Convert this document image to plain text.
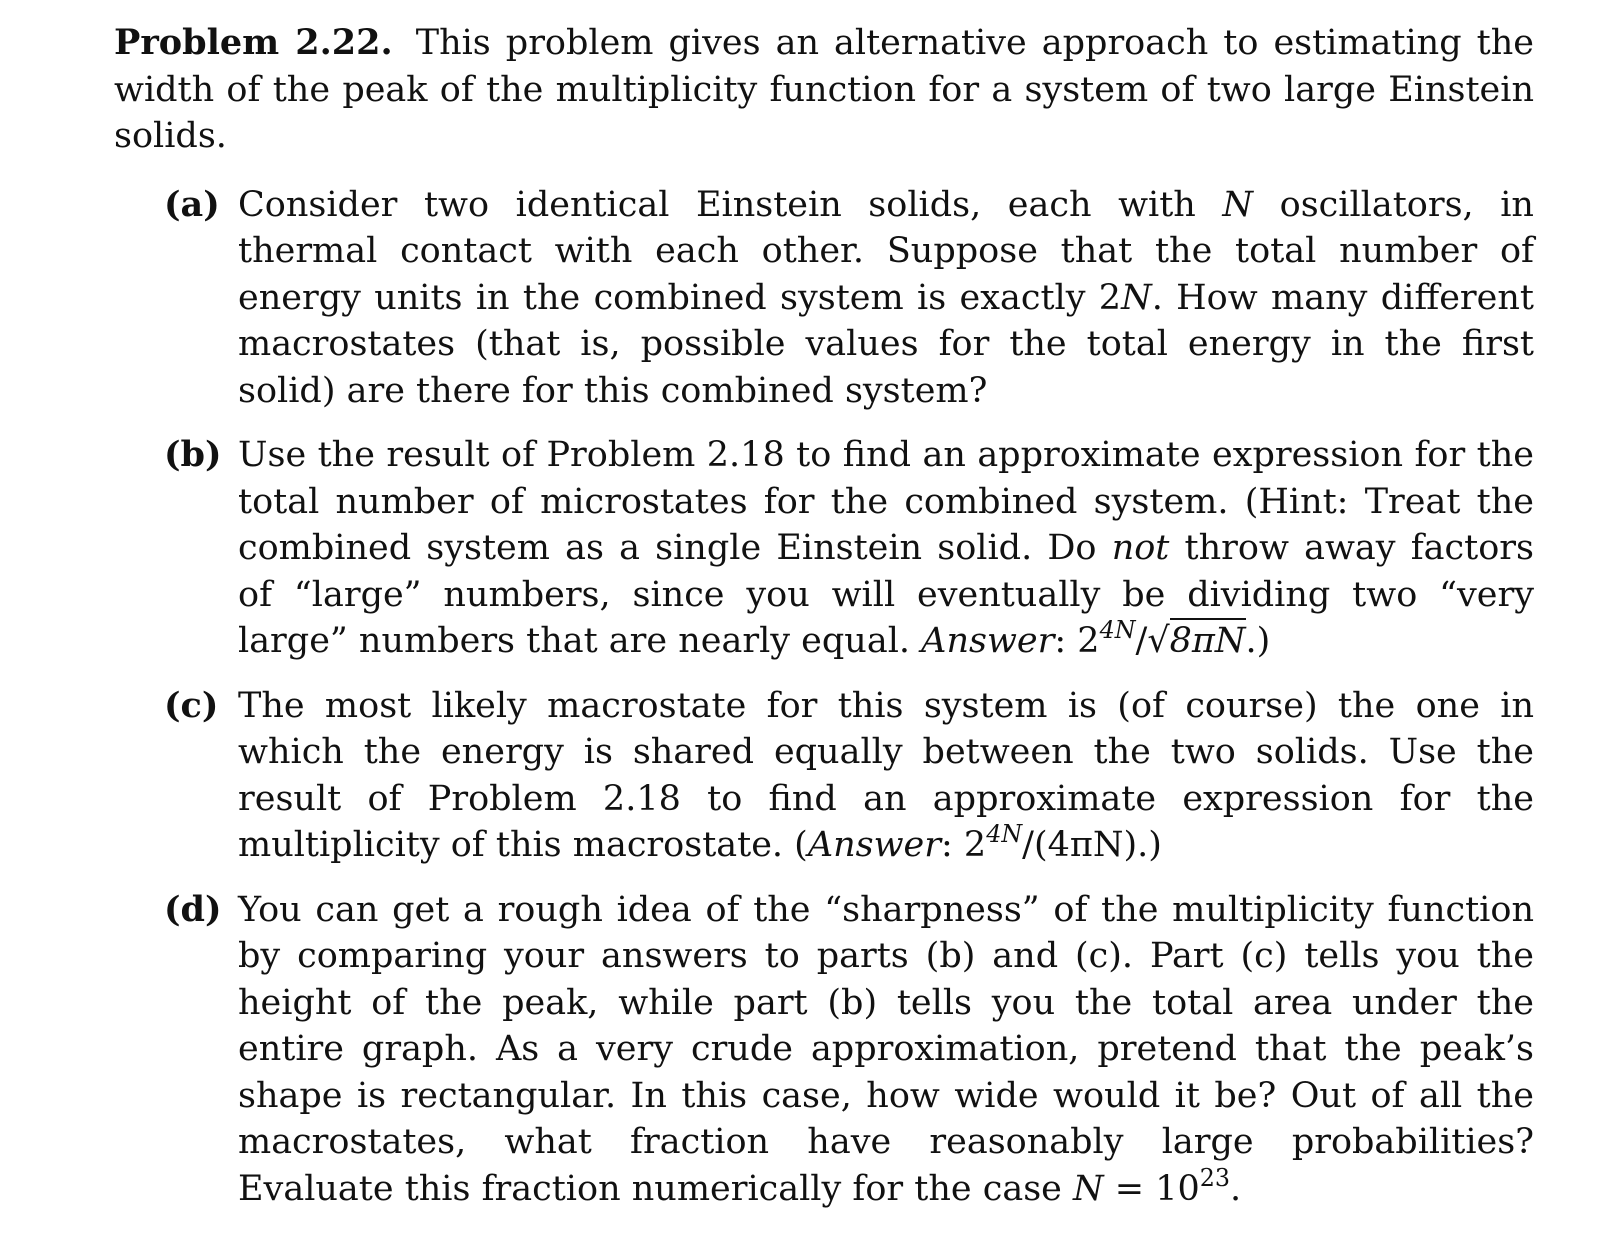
Problem 2.22. This problem gives an alternative approach to estimating the width of the peak of the multiplicity function for a system of two large Einstein solids.

(a) Consider two identical Einstein solids, each with N oscillators, in thermal contact with each other. Suppose that the total number of energy units in the combined system is exactly 2N. How many different macrostates (that is, possible values for the total energy in the first solid) are there for this combined system?
(b) Use the result of Problem 2.18 to find an approximate expression for the total number of microstates for the combined system. (Hint: Treat the combined system as a single Einstein solid. Do not throw away factors of “large” numbers, since you will eventually be dividing two “very large” numbers that are nearly equal. Answer: $2^{4N}/√8\pi N$.)
(c) The most likely macrostate for this system is (of course) the one in which the energy is shared equally between the two solids. Use the result of Problem 2.18 to find an approximate expression for the multiplicity of this macrostate. (Answer: $2^{4N}/(4\pi N)$.)
(d) You can get a rough idea of the “sharpness” of the multiplicity function by comparing your answers to parts (b) and (c). Part (c) tells you the height of the peak, while part (b) tells you the total area under the entire graph. As a very crude approximation, pretend that the peak’s shape is rectangular. In this case, how wide would it be? Out of all the macrostates, what fraction have reasonably large probabilities? Evaluate this fraction numerically for the case $N = 10^{23}$.
